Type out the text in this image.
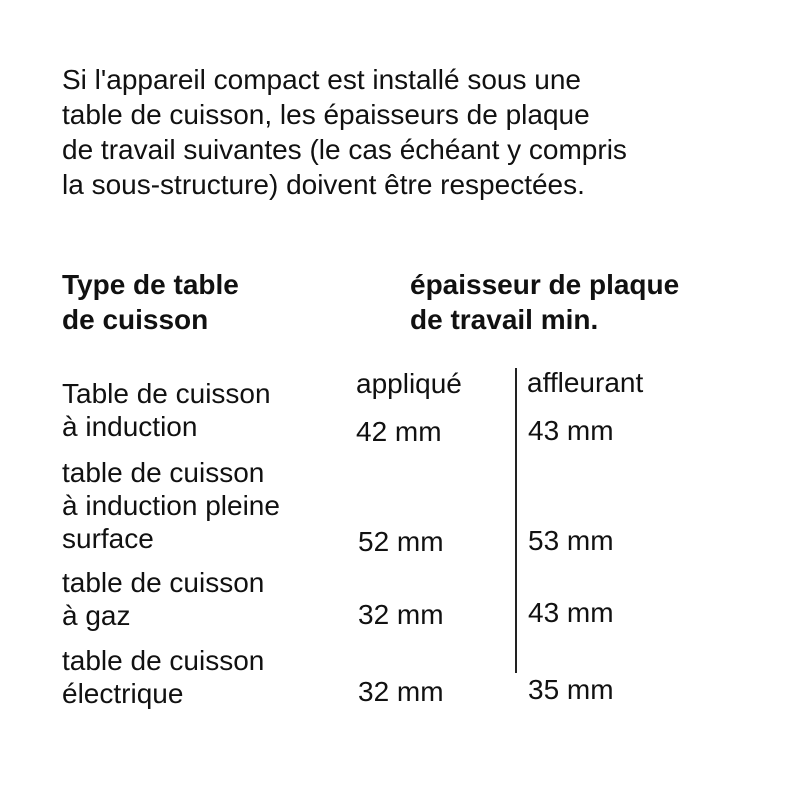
Si l'appareil compact est installé sous une
table de cuisson, les épaisseurs de plaque
de travail suivantes (le cas échéant y compris
la sous-structure) doivent être respectées.
Type de table
de cuisson
épaisseur de plaque
de travail min.
appliqué affleurant
Table de cuisson
à induction	42 mm	43 mm
table de cuisson
à induction pleine
surface	52 mm	53 mm
table de cuisson
à gaz	32 mm	43 mm
table de cuisson
électrique	32 mm	35 mm
